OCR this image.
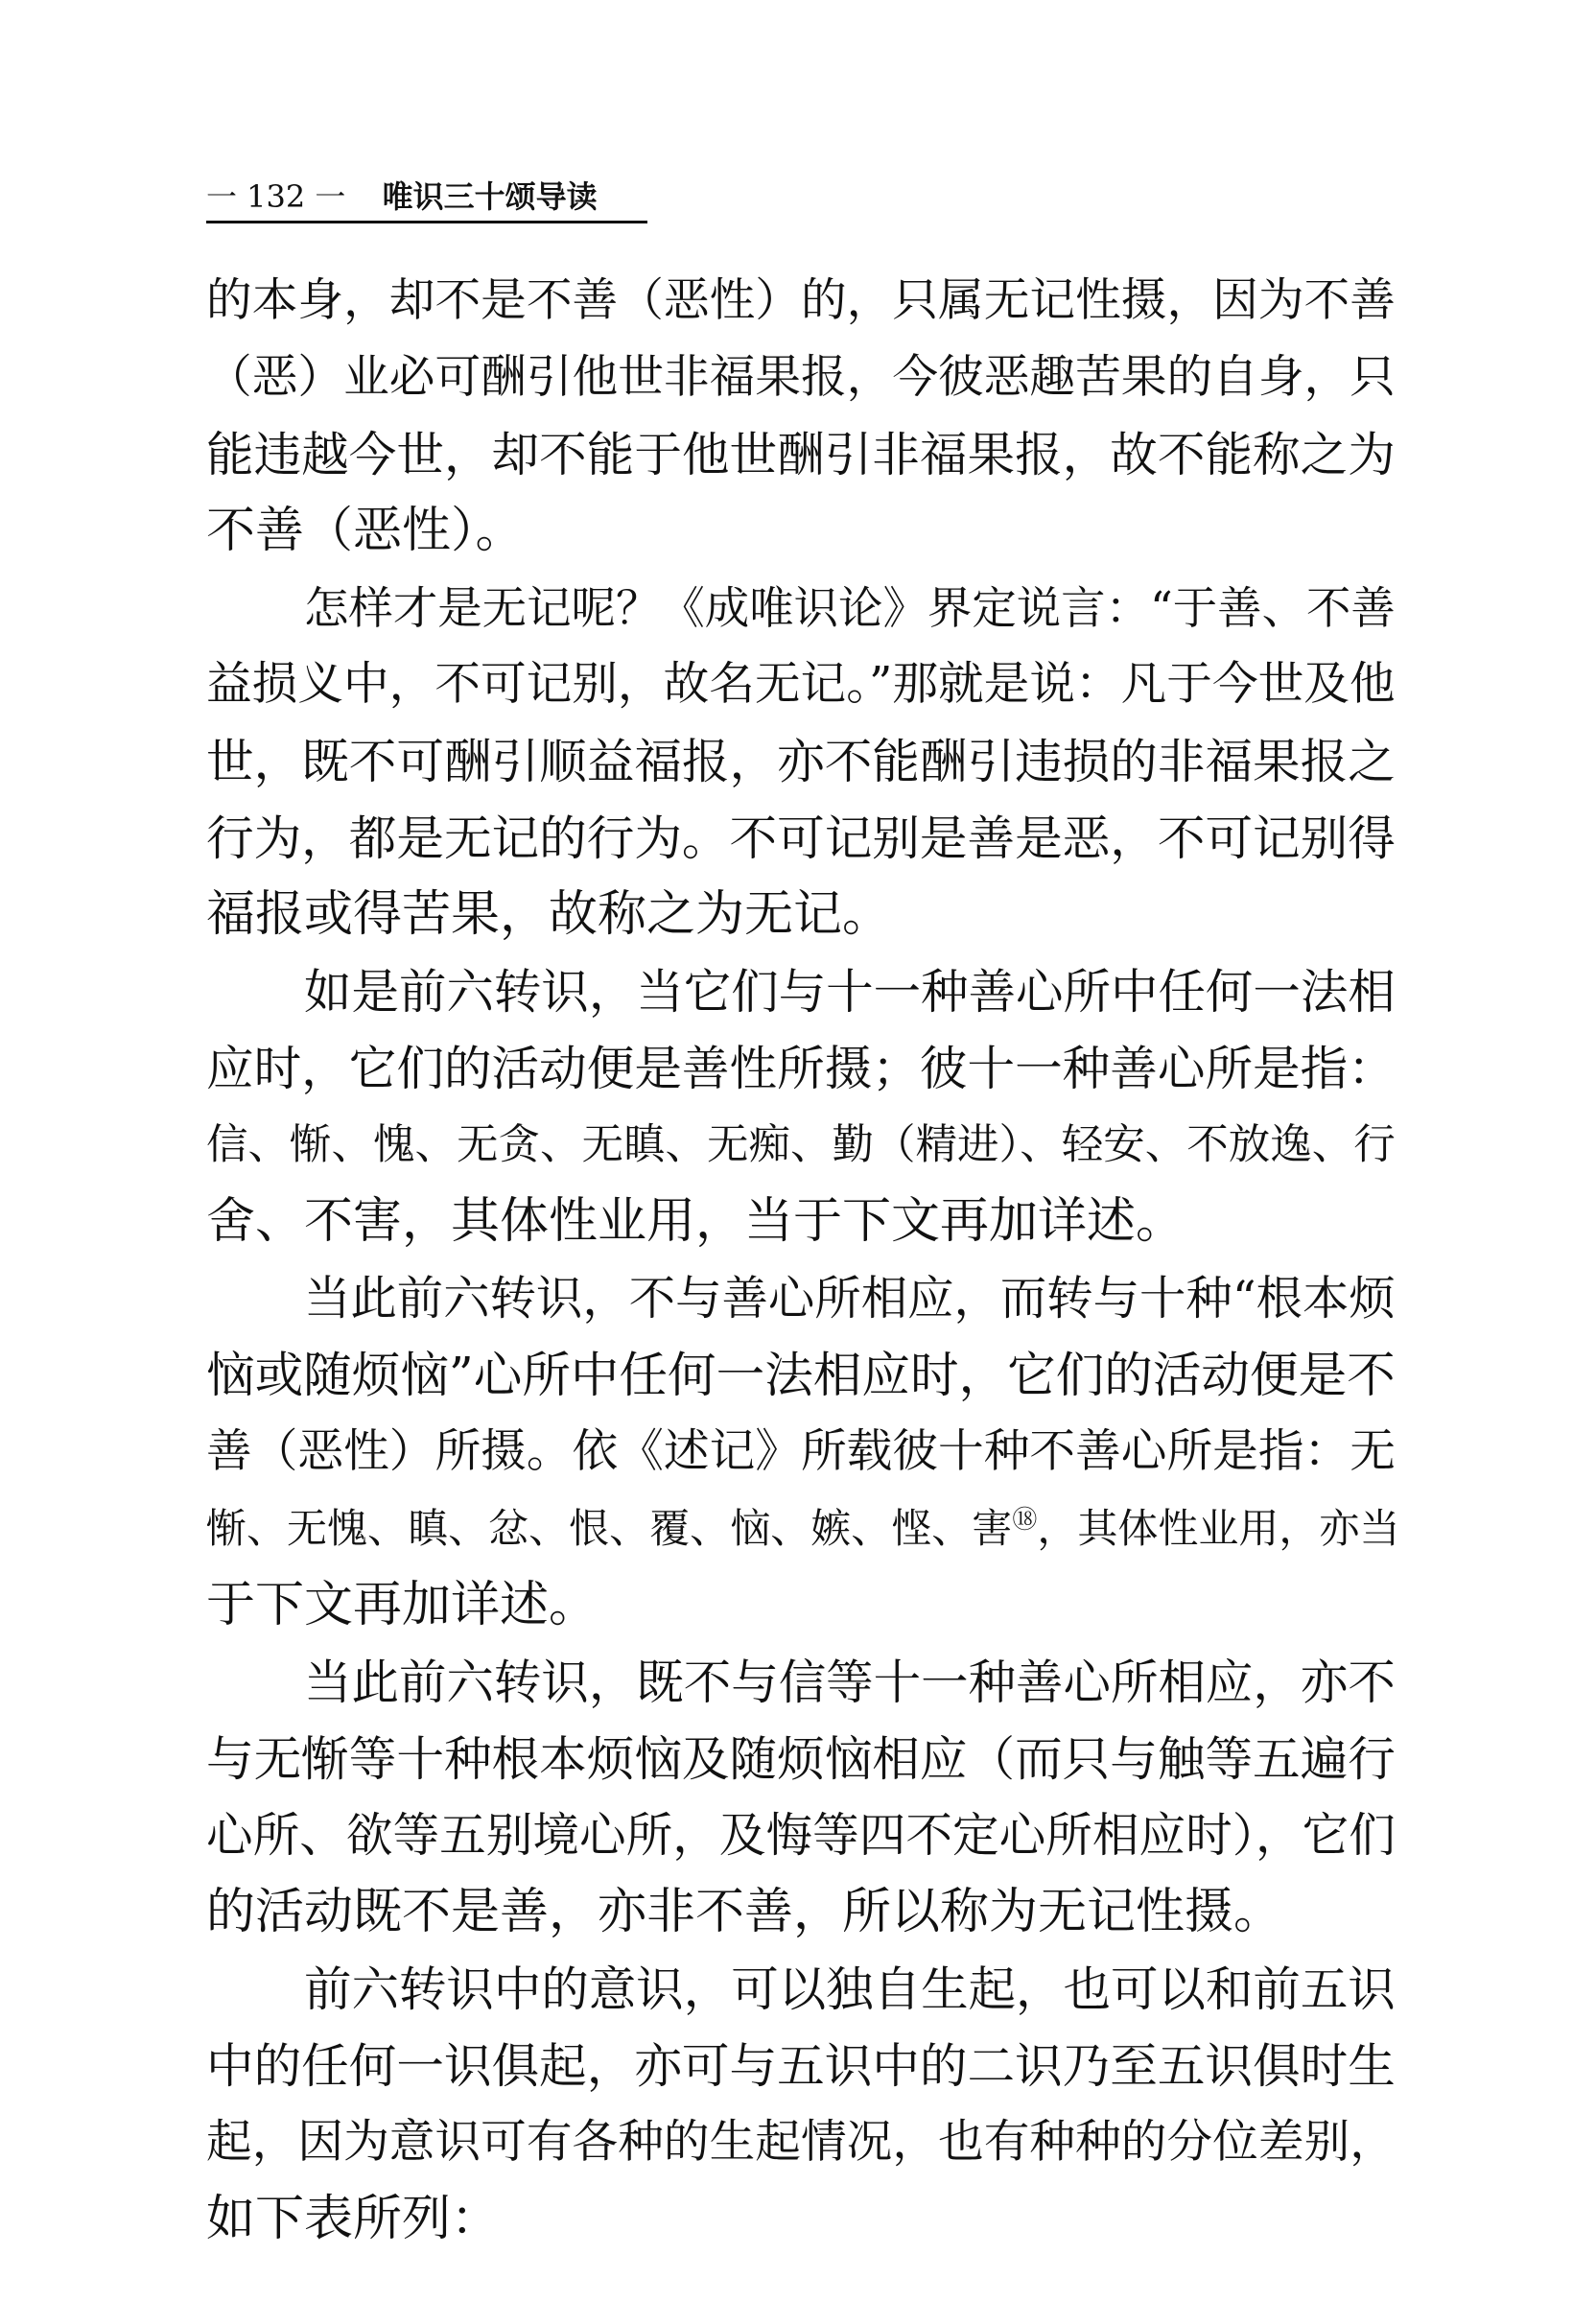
一 132 一 唯识三十颂导读
的本身，却不是不善（恶性）的，只属无记性摄，因为不善
（恶）业必可酬引他世非福果报，今彼恶趣苦果的自身，只
能违越今世，却不能于他世酬引非福果报，故不能称之为
不善（恶性）。
怎样才是无记呢？《成唯识论》界定说言：“于善、不善
益损义中，不可记别，故名无记。”那就是说：凡于今世及他
世，既不可酬引顺益福报，亦不能酬引违损的非福果报之
行为，都是无记的行为。不可记别是善是恶，不可记别得
福报或得苦果，故称之为无记。
如是前六转识，当它们与十一种善心所中任何一法相
应时，它们的活动便是善性所摄；彼十一种善心所是指：
信、惭、愧、无贪、无瞋、无痴、勤（精进）、轻安、不放逸、行
舍、不害，其体性业用，当于下文再加详述。
当此前六转识，不与善心所相应，而转与十种“根本烦
恼或随烦恼”心所中任何一法相应时，它们的活动便是不
善（恶性）所摄。依《述记》所载彼十种不善心所是指：无
惭、无愧、瞋、忿、恨、覆、恼、嫉、悭、害⑱，其体性业用，亦当
于下文再加详述。
当此前六转识，既不与信等十一种善心所相应，亦不
与无惭等十种根本烦恼及随烦恼相应（而只与触等五遍行
心所、欲等五别境心所，及悔等四不定心所相应时），它们
的活动既不是善，亦非不善，所以称为无记性摄。
前六转识中的意识，可以独自生起，也可以和前五识
中的任何一识俱起，亦可与五识中的二识乃至五识俱时生
起，因为意识可有各种的生起情况，也有种种的分位差别，
如下表所列：
